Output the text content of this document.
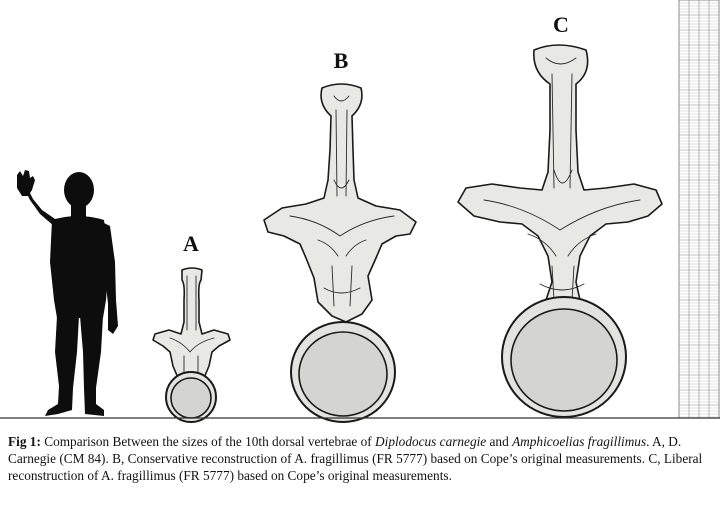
A
B
C
Fig 1: Comparison Between the sizes of the 10th dorsal vertebrae of Diplodocus carnegie and Amphicoelias fragillimus. A, D. Carnegie (CM 84). B, Conservative reconstruction of A. fragillimus (FR 5777) based on Cope’s original measurements. C, Liberal reconstruction of A. fragillimus (FR 5777) based on Cope’s original measurements.
